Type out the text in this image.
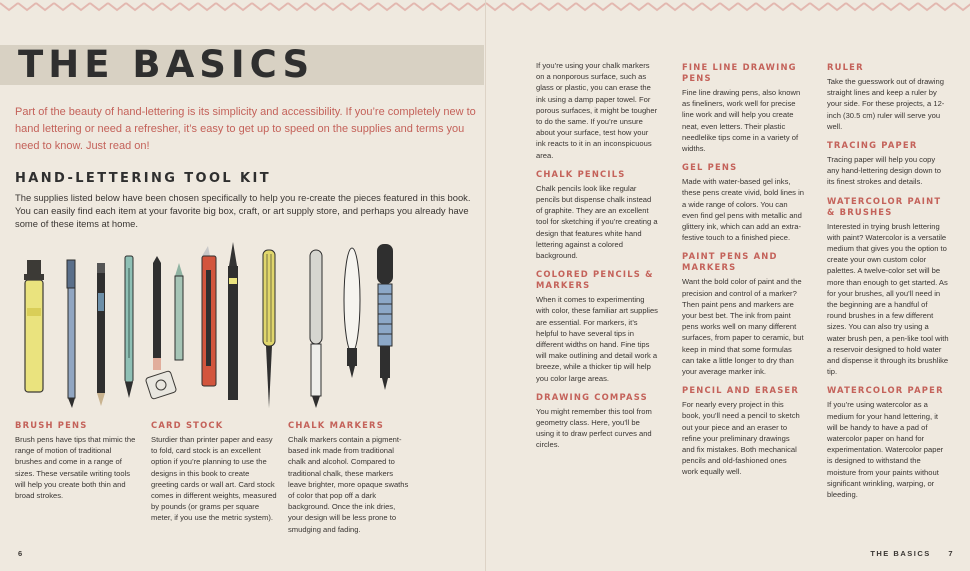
THE BASICS

Part of the beauty of hand-lettering is its simplicity and accessibility. If you’re completely new to hand lettering or need a refresher, it’s easy to get up to speed on the supplies and terms you need to know. Just read on!

HAND-LETTERING TOOL KIT

The supplies listed below have been chosen specifically to help you re-create the pieces featured in this book. You can easily find each item at your favorite big box, craft, or art supply store, and perhaps you already have some of these items at home.

BRUSH PENS

Brush pens have tips that mimic the range of motion of traditional brushes and come in a range of sizes. These versatile writing tools will help you create both thin and broad strokes.

CARD STOCK

Sturdier than printer paper and easy to fold, card stock is an excellent option if you’re planning to use the designs in this book to create greeting cards or wall art. Card stock comes in different weights, measured by pounds (or grams per square meter, if you use the metric system).

CHALK MARKERS

Chalk markers contain a pigment-based ink made from traditional chalk and alcohol. Compared to traditional chalk, these markers leave brighter, more opaque swaths of color that pop off a dark background. Once the ink dries, your design will be less prone to smudging and fading.

6

If you’re using your chalk markers on a nonporous surface, such as glass or plastic, you can erase the ink using a damp paper towel. For porous surfaces, it might be tougher to do the same. If you’re unsure about your surface, test how your ink reacts to it in an inconspicuous area.

CHALK PENCILS

Chalk pencils look like regular pencils but dispense chalk instead of graphite. They are an excellent tool for sketching if you’re creating a design that features white hand lettering against a colored background.

COLORED PENCILS & MARKERS

When it comes to experimenting with color, these familiar art supplies are essential. For markers, it’s helpful to have several tips in different widths on hand. Fine tips will make outlining and detail work a breeze, while a thicker tip will help you color large areas.

DRAWING COMPASS

You might remember this tool from geometry class. Here, you’ll be using it to draw perfect curves and circles.

FINE LINE DRAWING PENS

Fine line drawing pens, also known as fineliners, work well for precise line work and will help you create neat, even letters. Their plastic needlelike tips come in a variety of widths.

GEL PENS

Made with water-based gel inks, these pens create vivid, bold lines in a wide range of colors. You can even find gel pens with metallic and glittery ink, which can add an extra-festive touch to a finished piece.

PAINT PENS AND MARKERS

Want the bold color of paint and the precision and control of a marker? Then paint pens and markers are your best bet. The ink from paint pens works well on many different surfaces, from paper to ceramic, but keep in mind that some formulas can take a little longer to dry than your average marker ink.

PENCIL AND ERASER

For nearly every project in this book, you’ll need a pencil to sketch out your piece and an eraser to refine your preliminary drawings and fix mistakes. Both mechanical pencils and old-fashioned ones work equally well.

RULER

Take the guesswork out of drawing straight lines and keep a ruler by your side. For these projects, a 12-inch (30.5 cm) ruler will serve you well.

TRACING PAPER

Tracing paper will help you copy any hand-lettering design down to its finest strokes and details.

WATERCOLOR PAINT & BRUSHES

Interested in trying brush lettering with paint? Watercolor is a versatile medium that gives you the option to create your own custom color palettes. A twelve-color set will be more than enough to get started. As for your brushes, all you’ll need in the beginning are a handful of round brushes in a few different sizes. You can also try using a water brush pen, a pen-like tool with a reservoir designed to hold water and dispense it through its brushlike tip.

WATERCOLOR PAPER

If you’re using watercolor as a medium for your hand lettering, it will be handy to have a pad of watercolor paper on hand for experimentation. Watercolor paper is designed to withstand the moisture from your paints without significant wrinkling, warping, or bleeding.

THE BASICS 7
